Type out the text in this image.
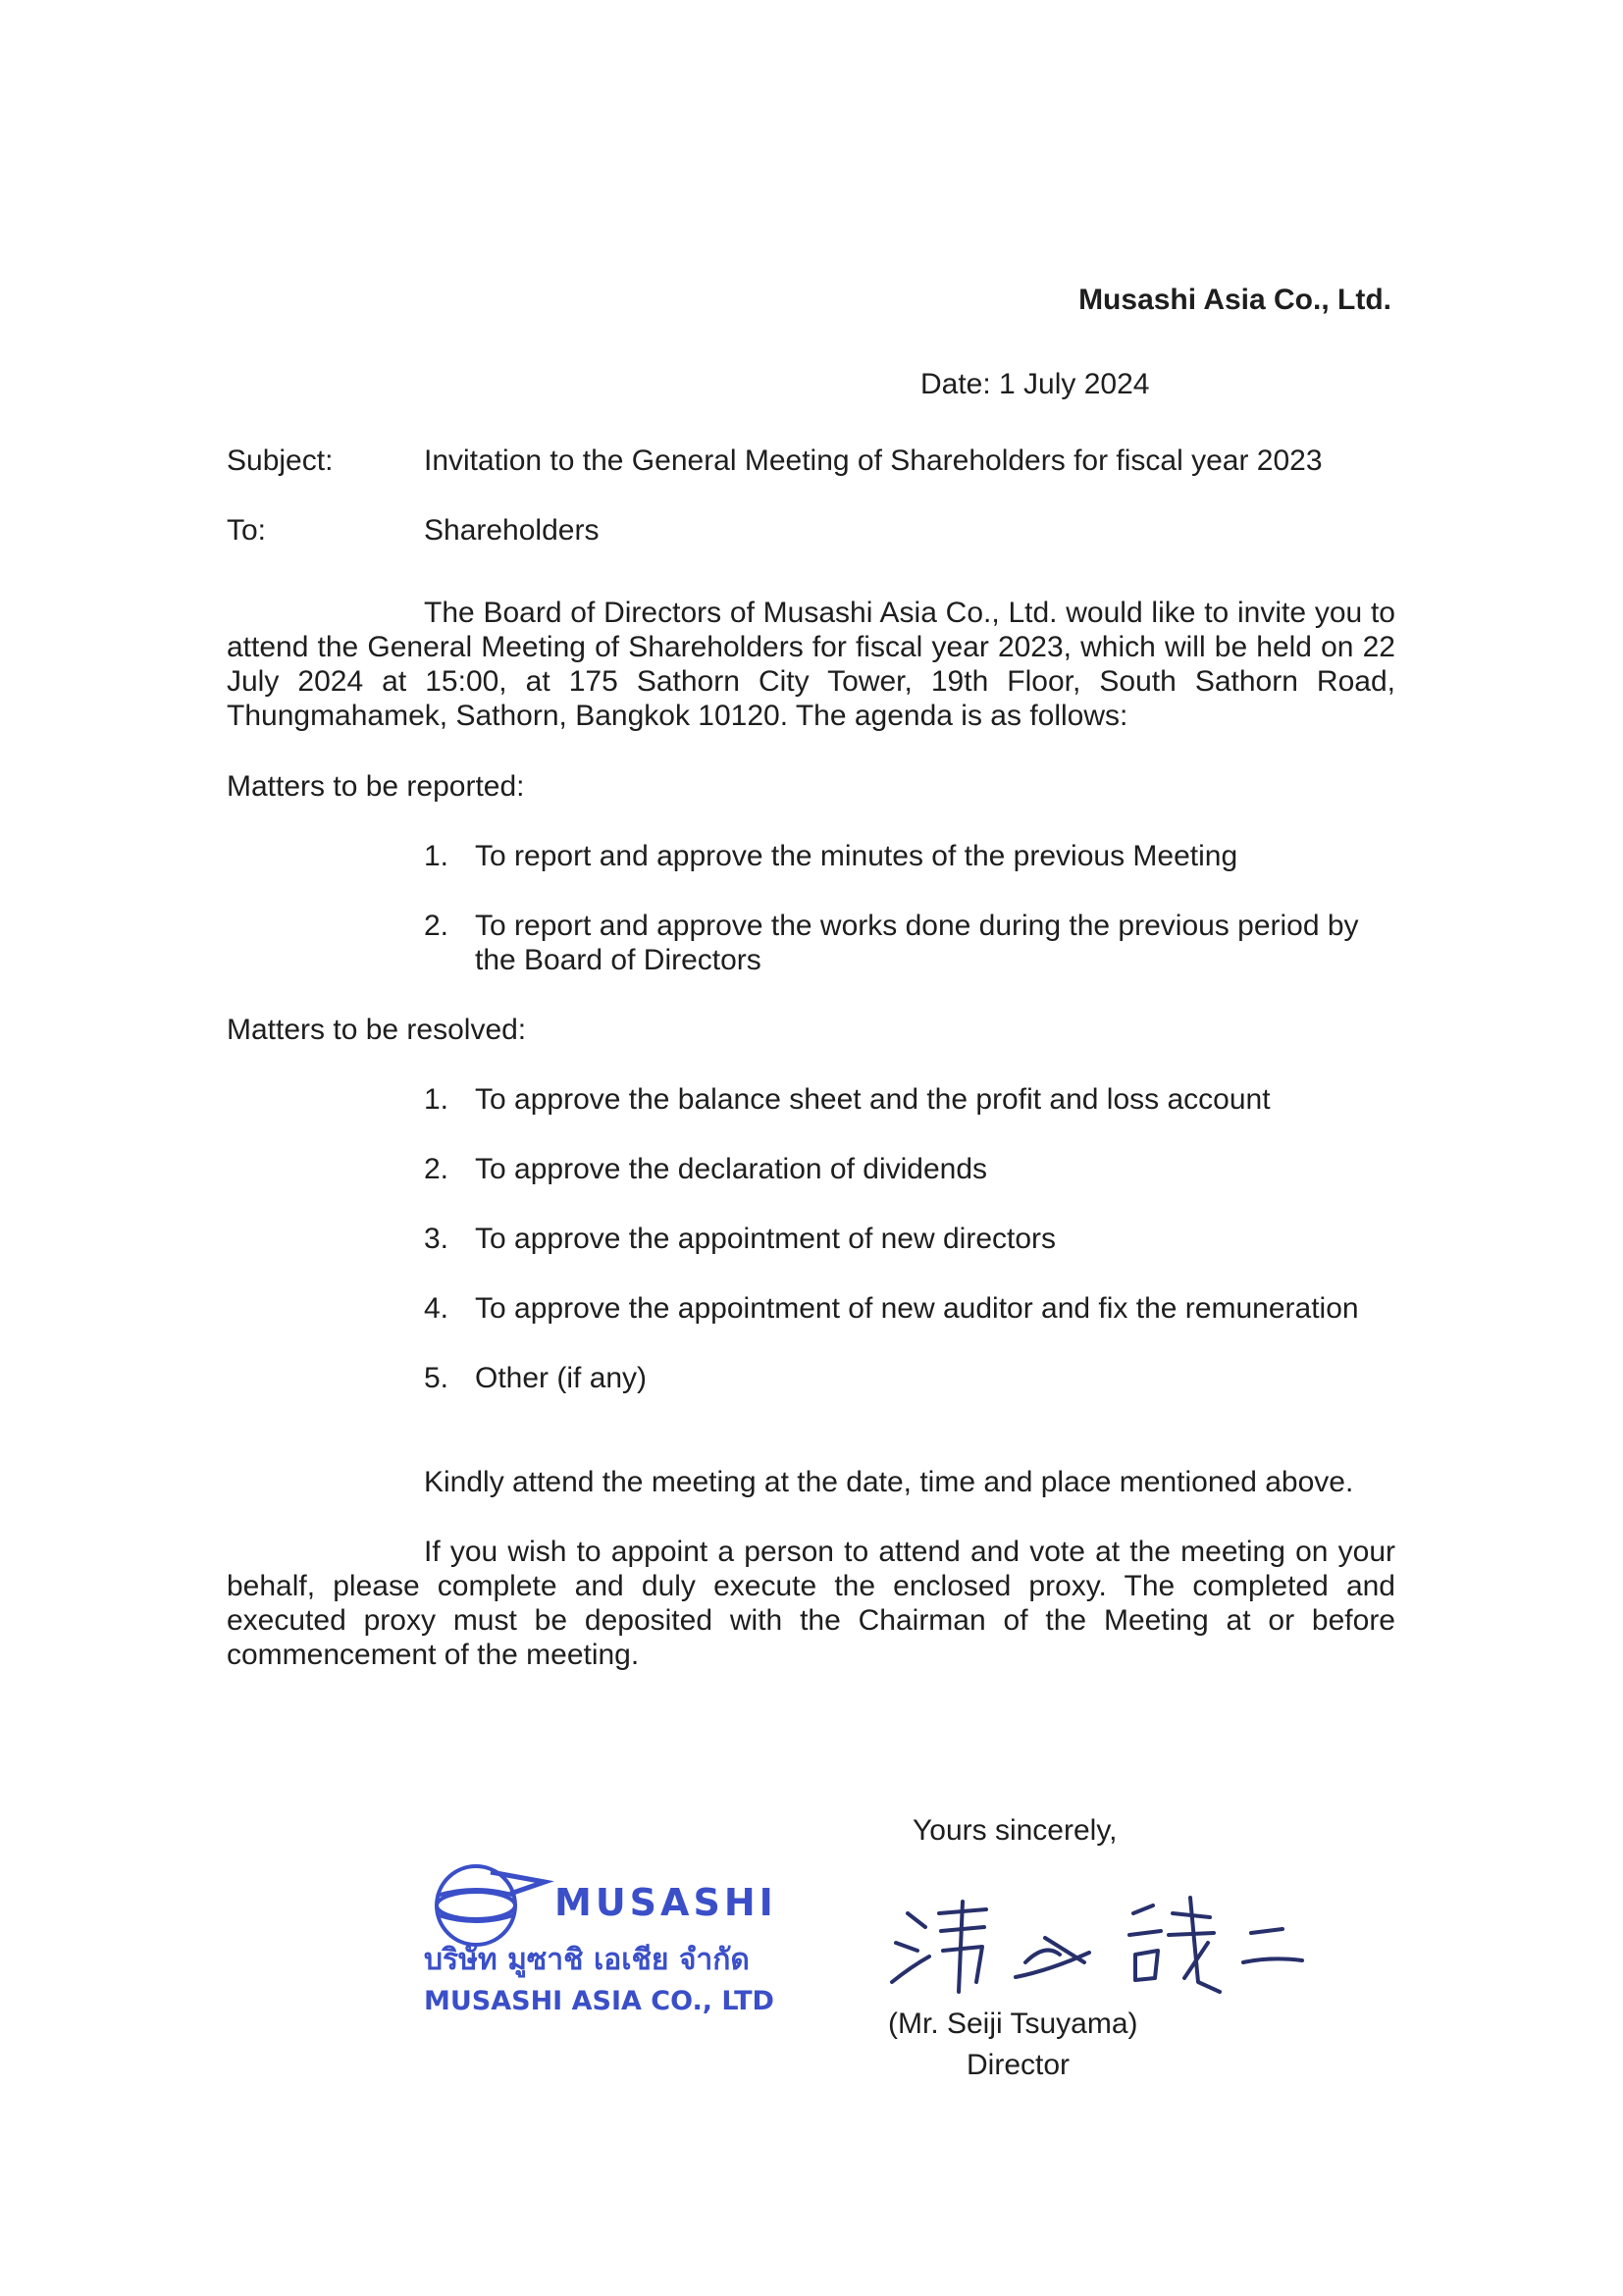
Musashi Asia Co., Ltd.
Date: 1 July 2024
Subject:	Invitation to the General Meeting of Shareholders for fiscal year 2023
To:	Shareholders

The Board of Directors of Musashi Asia Co., Ltd. would like to invite you to attend the General Meeting of Shareholders for fiscal year 2023, which will be held on 22 July 2024 at 15:00, at 175 Sathorn City Tower, 19th Floor, South Sathorn Road, Thungmahamek, Sathorn, Bangkok 10120. The agenda is as follows:

Matters to be reported:
1. To report and approve the minutes of the previous Meeting
2. To report and approve the works done during the previous period by the Board of Directors
Matters to be resolved:
1. To approve the balance sheet and the profit and loss account
2. To approve the declaration of dividends
3. To approve the appointment of new directors
4. To approve the appointment of new auditor and fix the remuneration
5. Other (if any)
Kindly attend the meeting at the date, time and place mentioned above.

If you wish to appoint a person to attend and vote at the meeting on your behalf, please complete and duly execute the enclosed proxy. The completed and executed proxy must be deposited with the Chairman of the Meeting at or before commencement of the meeting.

Yours sincerely,
MUSASHI
บริษัท มูซาชิ เอเชีย จำกัด
MUSASHI ASIA CO., LTD
(Mr. Seiji Tsuyama)
Director
